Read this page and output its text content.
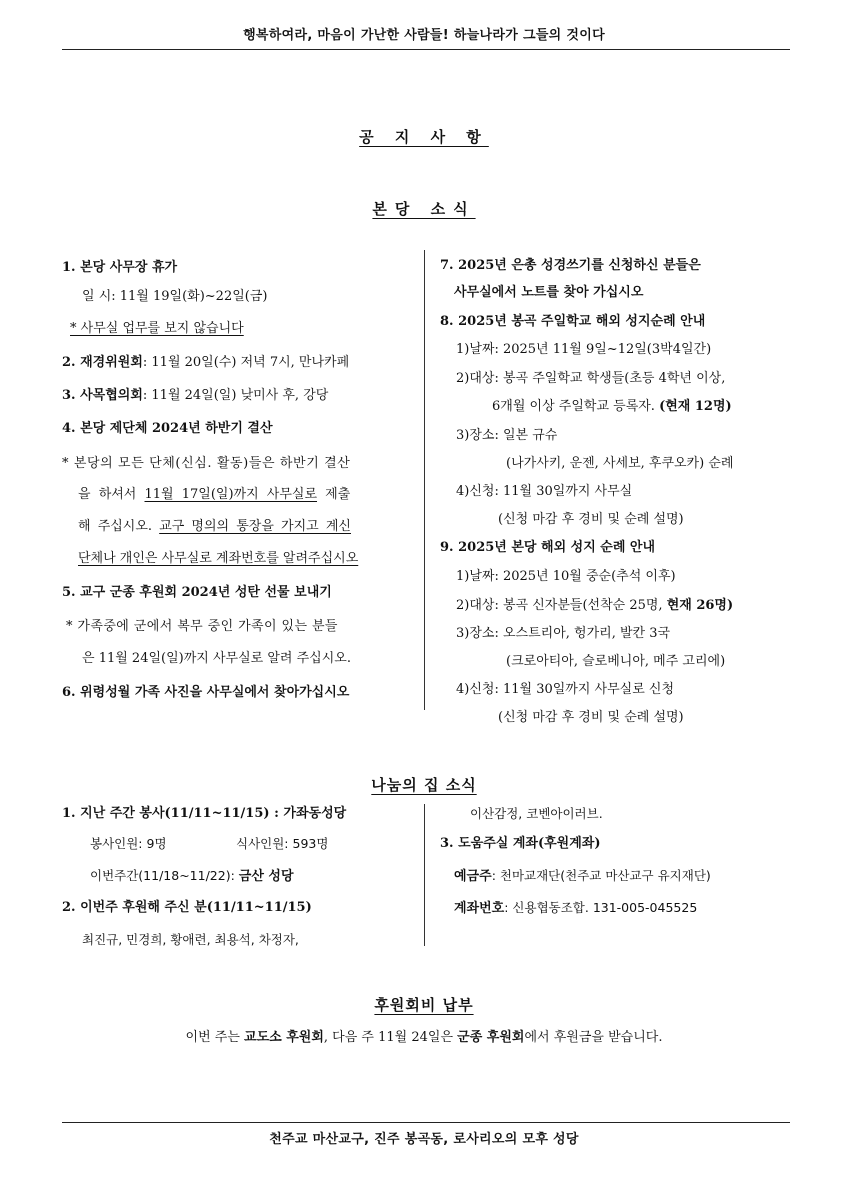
행복하여라, 마음이 가난한 사람들! 하늘나라가 그들의 것이다
공 지 사 항
본당 소식
1. 본당 사무장 휴가
일 시: 11월 19일(화)~22일(금)
* 사무실 업무를 보지 않습니다
2. 재경위원회: 11월 20일(수) 저녁 7시, 만나카페
3. 사목협의회: 11월 24일(일) 낮미사 후, 강당
4. 본당 제단체 2024년 하반기 결산
* 본당의 모든 단체(신심. 활동)들은 하반기 결산
을 하셔서 11월 17일(일)까지 사무실로 제출
해 주십시오. 교구 명의의 통장을 가지고 계신
단체나 개인은 사무실로 계좌번호를 알려주십시오
5. 교구 군종 후원회 2024년 성탄 선물 보내기
* 가족중에 군에서 복무 중인 가족이 있는 분들
은 11월 24일(일)까지 사무실로 알려 주십시오.
6. 위령성월 가족 사진을 사무실에서 찾아가십시오
7. 2025년 은총 성경쓰기를 신청하신 분들은
사무실에서 노트를 찾아 가십시오
8. 2025년 봉곡 주일학교 해외 성지순례 안내
1)날짜: 2025년 11월 9일~12일(3박4일간)
2)대상: 봉곡 주일학교 학생들(초등 4학년 이상,
6개월 이상 주일학교 등록자. (현재 12명)
3)장소: 일본 규슈
(나가사키, 운젠, 사세보, 후쿠오카) 순례
4)신청: 11월 30일까지 사무실
(신청 마감 후 경비 및 순례 설명)
9. 2025년 본당 해외 성지 순례 안내
1)날짜: 2025년 10월 중순(추석 이후)
2)대상: 봉곡 신자분들(선착순 25명, 현재 26명)
3)장소: 오스트리아, 헝가리, 발칸 3국
(크로아티아, 슬로베니아, 메주 고리에)
4)신청: 11월 30일까지 사무실로 신청
(신청 마감 후 경비 및 순례 설명)
나눔의 집 소식
1. 지난 주간 봉사(11/11~11/15) : 가좌동성당
봉사인원: 9명	식사인원: 593명
이번주간(11/18~11/22): 금산 성당
2. 이번주 후원해 주신 분(11/11~11/15)
최진규, 민경희, 황애련, 최용석, 차정자,
이산감정, 코벤아이러브.
3. 도움주실 계좌(후원계좌)
예금주: 천마교재단(천주교 마산교구 유지재단)
계좌번호: 신용협동조합. 131-005-045525
후원회비 납부
이번 주는 교도소 후원회, 다음 주 11월 24일은 군종 후원회에서 후원금을 받습니다.
천주교 마산교구, 진주 봉곡동, 로사리오의 모후 성당
